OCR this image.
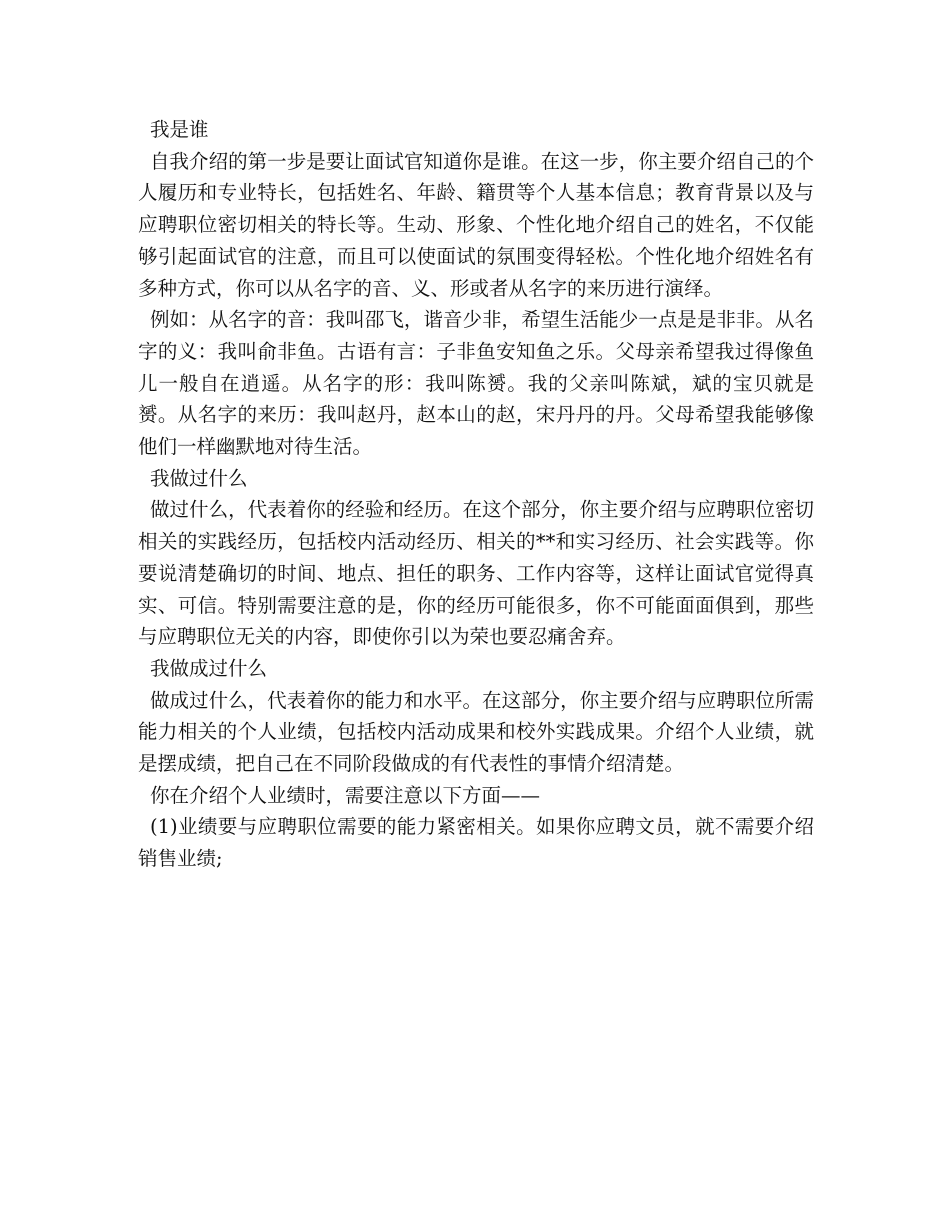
我是谁

自我介绍的第一步是要让面试官知道你是谁。在这一步，你主要介绍自己的个人履历和专业特长，包括姓名、年龄、籍贯等个人基本信息；教育背景以及与应聘职位密切相关的特长等。生动、形象、个性化地介绍自己的姓名，不仅能够引起面试官的注意，而且可以使面试的氛围变得轻松。个性化地介绍姓名有多种方式，你可以从名字的音、义、形或者从名字的来历进行演绎。

例如：从名字的音：我叫邵飞，谐音少非，希望生活能少一点是是非非。从名字的义：我叫俞非鱼。古语有言：子非鱼安知鱼之乐。父母亲希望我过得像鱼儿一般自在逍遥。从名字的形：我叫陈赟。我的父亲叫陈斌，斌的宝贝就是赟。从名字的来历：我叫赵丹，赵本山的赵，宋丹丹的丹。父母希望我能够像他们一样幽默地对待生活。

我做过什么

做过什么，代表着你的经验和经历。在这个部分，你主要介绍与应聘职位密切相关的实践经历，包括校内活动经历、相关的**和实习经历、社会实践等。你要说清楚确切的时间、地点、担任的职务、工作内容等，这样让面试官觉得真实、可信。特别需要注意的是，你的经历可能很多，你不可能面面俱到，那些与应聘职位无关的内容，即使你引以为荣也要忍痛舍弃。

我做成过什么

做成过什么，代表着你的能力和水平。在这部分，你主要介绍与应聘职位所需能力相关的个人业绩，包括校内活动成果和校外实践成果。介绍个人业绩，就是摆成绩，把自己在不同阶段做成的有代表性的事情介绍清楚。

你在介绍个人业绩时，需要注意以下方面——

(1)业绩要与应聘职位需要的能力紧密相关。如果你应聘文员，就不需要介绍销售业绩;
